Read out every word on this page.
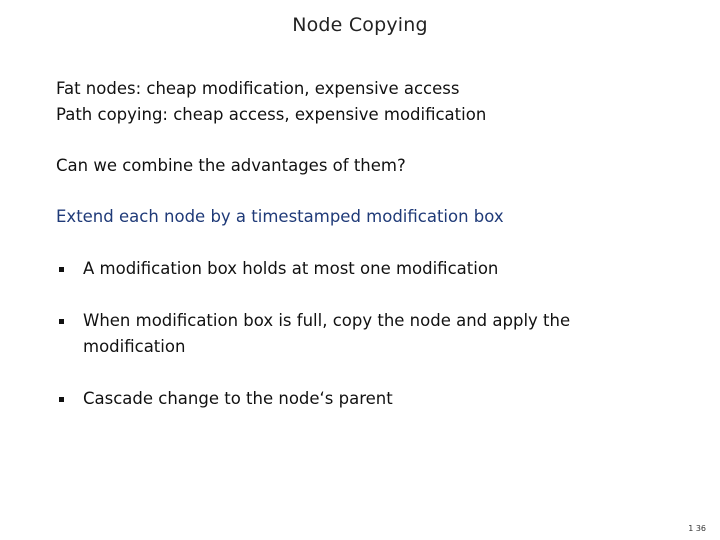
Node Copying
Fat nodes: cheap modification, expensive access
Path copying: cheap access, expensive modification
Can we combine the advantages of them?
Extend each node by a timestamped modification box
A modification box holds at most one modification
When modification box is full, copy the node and apply the modification
Cascade change to the node‘s parent
1 36
